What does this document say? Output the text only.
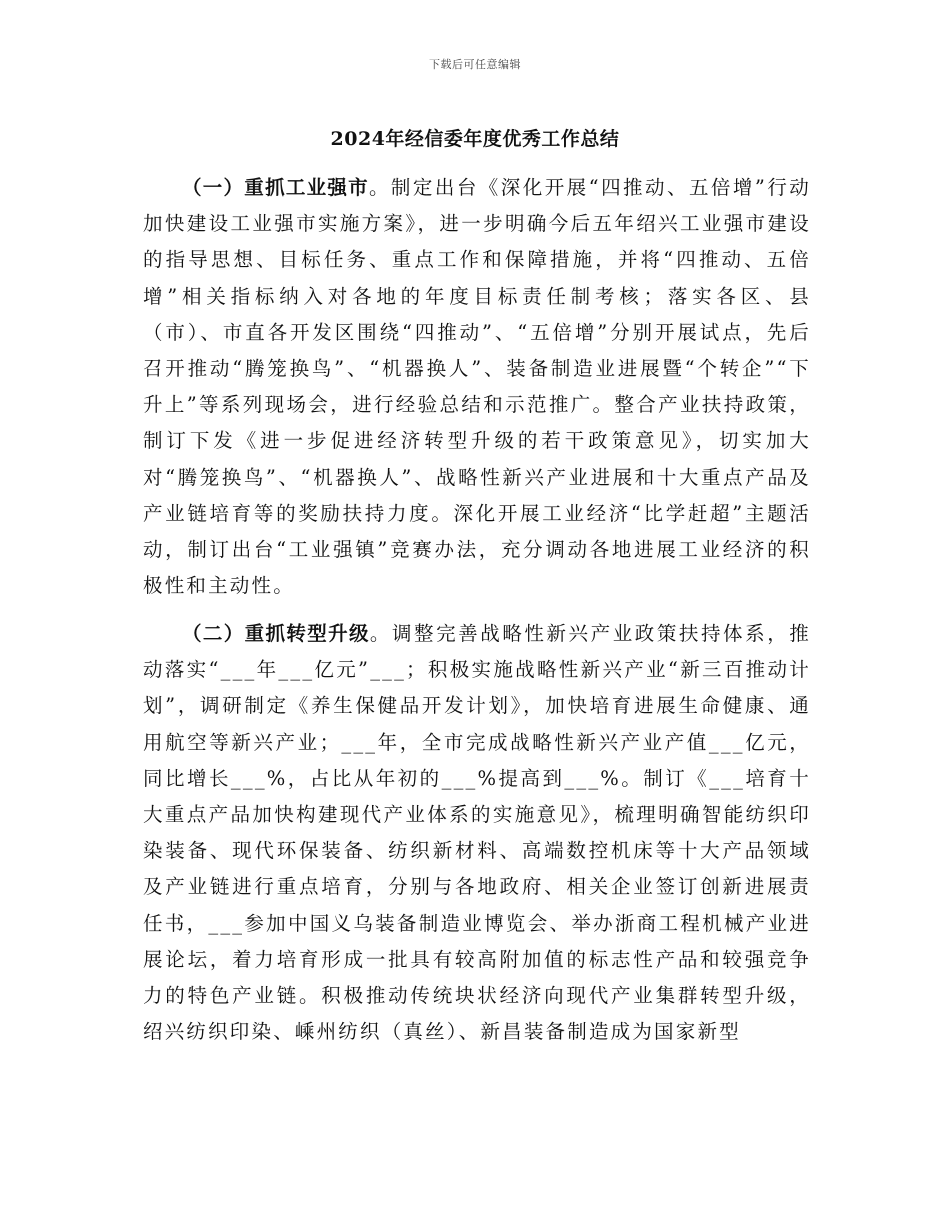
下载后可任意编辑
2024年经信委年度优秀工作总结

（一）重抓工业强市。制定出台《深化开展“四推动、五倍增”行动加快建设工业强市实施方案》，进一步明确今后五年绍兴工业强市建设的指导思想、目标任务、重点工作和保障措施，并将“四推动、五倍增”相关指标纳入对各地的年度目标责任制考核；落实各区、县（市）、市直各开发区围绕“四推动”、“五倍增”分别开展试点，先后召开推动“腾笼换鸟”、“机器换人”、装备制造业进展暨“个转企”“下升上”等系列现场会，进行经验总结和示范推广。整合产业扶持政策，制订下发《进一步促进经济转型升级的若干政策意见》，切实加大对“腾笼换鸟”、“机器换人”、战略性新兴产业进展和十大重点产品及产业链培育等的奖励扶持力度。深化开展工业经济“比学赶超”主题活动，制订出台“工业强镇”竞赛办法，充分调动各地进展工业经济的积极性和主动性。

（二）重抓转型升级。调整完善战略性新兴产业政策扶持体系，推动落实“___年___亿元”___；积极实施战略性新兴产业“新三百推动计划”，调研制定《养生保健品开发计划》，加快培育进展生命健康、通用航空等新兴产业；___年，全市完成战略性新兴产业产值___亿元，同比增长___%，占比从年初的___%提高到___%。制订《___培育十大重点产品加快构建现代产业体系的实施意见》，梳理明确智能纺织印染装备、现代环保装备、纺织新材料、高端数控机床等十大产品领域及产业链进行重点培育，分别与各地政府、相关企业签订创新进展责任书，___参加中国义乌装备制造业博览会、举办浙商工程机械产业进展论坛，着力培育形成一批具有较高附加值的标志性产品和较强竞争力的特色产业链。积极推动传统块状经济向现代产业集群转型升级，绍兴纺织印染、嵊州纺织（真丝）、新昌装备制造成为国家新型
